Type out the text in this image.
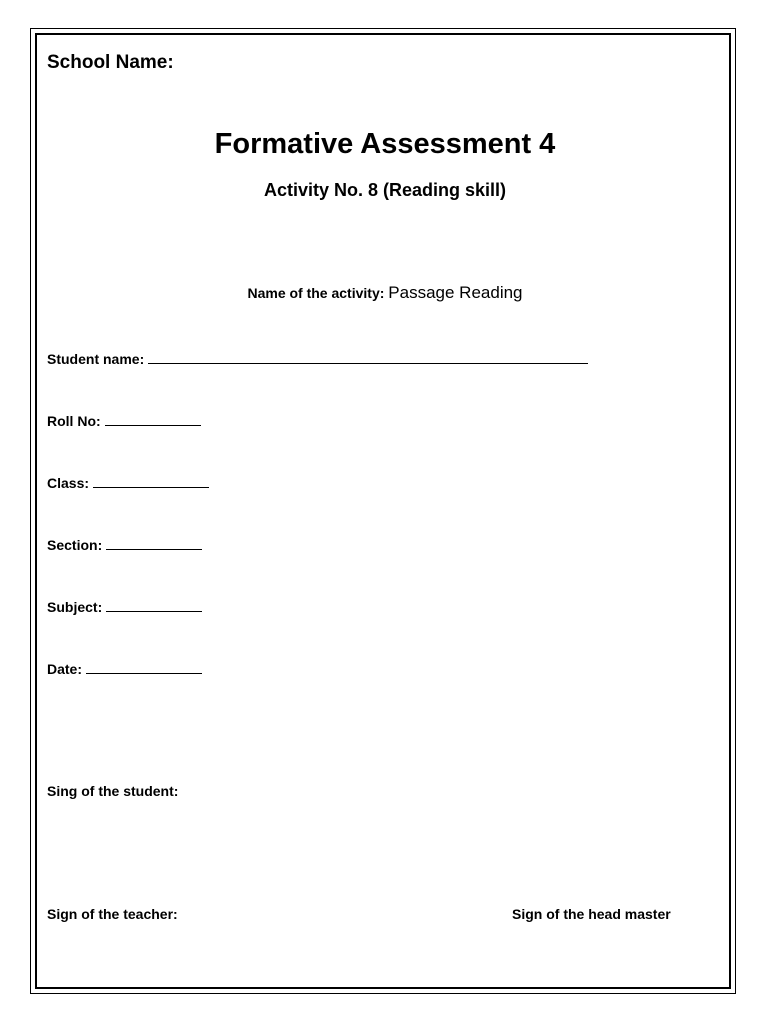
School Name:
Formative Assessment 4
Activity No. 8 (Reading skill)
Name of the activity: Passage Reading
Student name:
Roll No:
Class:
Section:
Subject:
Date:
Sing of the student:
Sign of the teacher:	Sign of the head master
